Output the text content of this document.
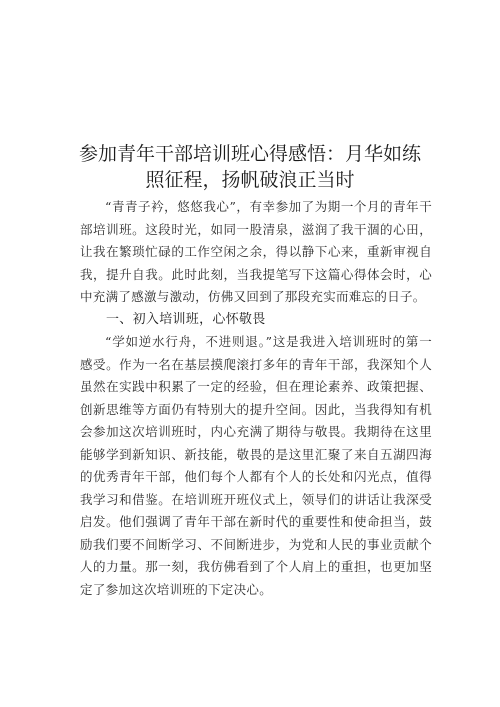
参加青年干部培训班心得感悟：月华如练照征程，扬帆破浪正当时

“青青子衿，悠悠我心”，有幸参加了为期一个月的青年干部培训班。这段时光，如同一股清泉，滋润了我干涸的心田，让我在繁琐忙碌的工作空闲之余，得以静下心来，重新审视自我，提升自我。此时此刻，当我提笔写下这篇心得体会时，心中充满了感激与激动，仿佛又回到了那段充实而难忘的日子。

一、初入培训班，心怀敬畏

“学如逆水行舟，不进则退。”这是我进入培训班时的第一感受。作为一名在基层摸爬滚打多年的青年干部，我深知个人虽然在实践中积累了一定的经验，但在理论素养、政策把握、创新思维等方面仍有特别大的提升空间。因此，当我得知有机会参加这次培训班时，内心充满了期待与敬畏。我期待在这里能够学到新知识、新技能，敬畏的是这里汇聚了来自五湖四海的优秀青年干部，他们每个人都有个人的长处和闪光点，值得我学习和借鉴。在培训班开班仪式上，领导们的讲话让我深受启发。他们强调了青年干部在新时代的重要性和使命担当，鼓励我们要不间断学习、不间断进步，为党和人民的事业贡献个人的力量。那一刻，我仿佛看到了个人肩上的重担，也更加坚定了参加这次培训班的下定决心。
